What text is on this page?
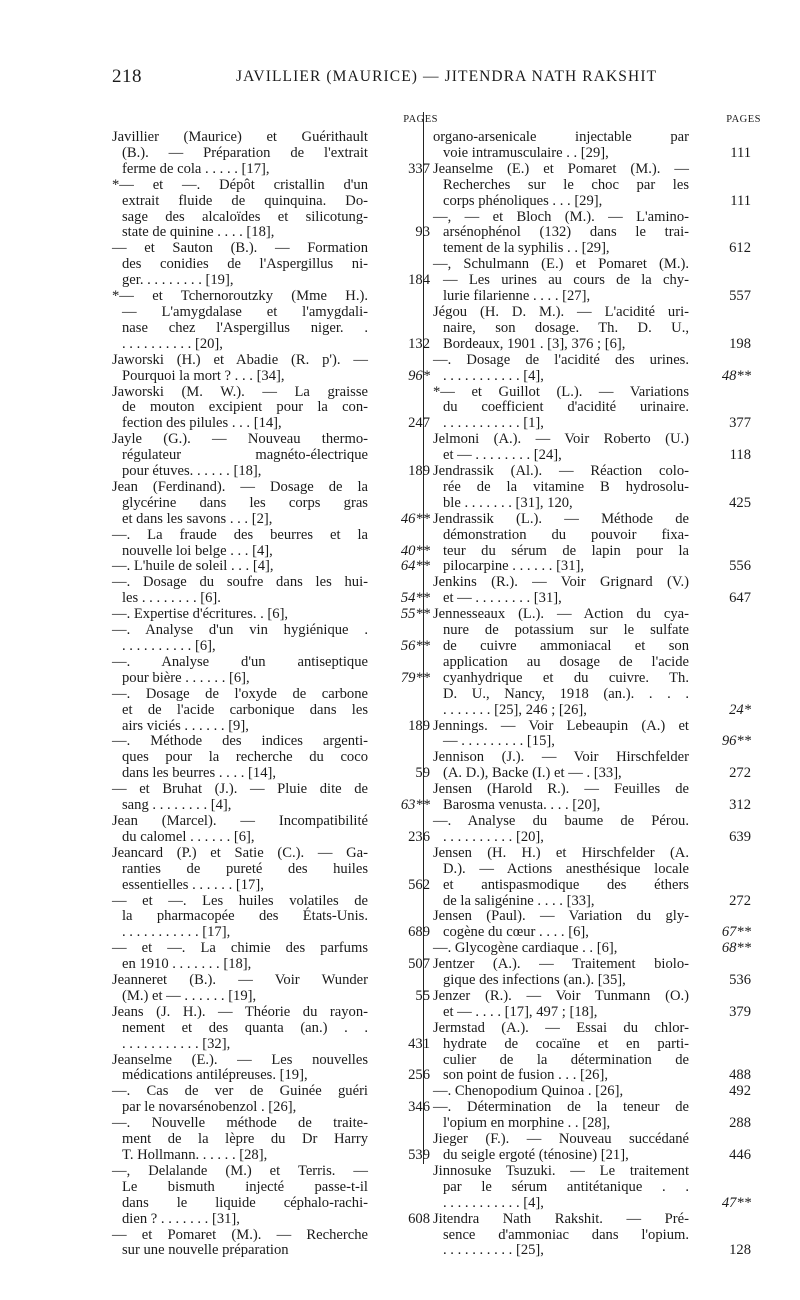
218	JAVILLIER (MAURICE) — JITENDRA NATH RAKSHIT
PAGES
Javillier (Maurice) et Guérithault
(B.). — Préparation de l'extrait
ferme de cola . . . . . [17],	337
*— et —. Dépôt cristallin d'un
extrait fluide de quinquina. Do-
sage des alcaloïdes et silicotung-
state de quinine . . . . [18],	93
— et Sauton (B.). — Formation
des conidies de l'Aspergillus ni-
ger. . . . . . . . . [19],	184
*— et Tchernoroutzky (Mme H.).
— L'amygdalase et l'amygdali-
nase chez l'Aspergillus niger. .
. . . . . . . . . . [20],	132
Jaworski (H.) et Abadie (R. p'). —
Pourquoi la mort ? . . . [34],	96*
Jaworski (M. W.). — La graisse
de mouton excipient pour la con-
fection des pilules . . . [14],	247
Jayle (G.). — Nouveau thermo-
régulateur magnéto-électrique
pour étuves. . . . . . [18],	189
Jean (Ferdinand). — Dosage de la
glycérine dans les corps gras
et dans les savons . . . [2],	46**
—. La fraude des beurres et la
nouvelle loi belge . . . [4],	40**
—. L'huile de soleil . . . [4],	64**
—. Dosage du soufre dans les hui-
les . . . . . . . . [6].	54**
—. Expertise d'écritures. . [6],	55**
—. Analyse d'un vin hygiénique .
. . . . . . . . . . [6],	56**
—. Analyse d'un antiseptique
pour bière . . . . . . [6],	79**
—. Dosage de l'oxyde de carbone
et de l'acide carbonique dans les
airs viciés . . . . . . [9],	189
—. Méthode des indices argenti-
ques pour la recherche du coco
dans les beurres . . . . [14],	59
— et Bruhat (J.). — Pluie dite de
sang . . . . . . . . [4],	63**
Jean (Marcel). — Incompatibilité
du calomel . . . . . . [6],	236
Jeancard (P.) et Satie (C.). — Ga-
ranties de pureté des huiles
essentielles . . . . . . [17],	562
— et —. Les huiles volatiles de
la pharmacopée des États-Unis.
. . . . . . . . . . . [17],	689
— et —. La chimie des parfums
en 1910 . . . . . . . [18],	507
Jeanneret (B.). — Voir Wunder
(M.) et — . . . . . . [19],	55
Jeans (J. H.). — Théorie du rayon-
nement et des quanta (an.) . .
. . . . . . . . . . . [32],	431
Jeanselme (E.). — Les nouvelles
médications antilépreuses. [19],	256
—. Cas de ver de Guinée guéri
par le novarsénobenzol . [26],	346
—. Nouvelle méthode de traite-
ment de la lèpre du Dr Harry
T. Hollmann. . . . . . [28],	539
—, Delalande (M.) et Terris. —
Le bismuth injecté passe-t-il
dans le liquide céphalo-rachi-
dien ? . . . . . . . [31],	608
— et Pomaret (M.). — Recherche
sur une nouvelle préparation
PAGES
organo-arsenicale injectable par
voie intramusculaire . . [29],	111
Jeanselme (E.) et Pomaret (M.). —
Recherches sur le choc par les
corps phénoliques . . . [29],	111
—, — et Bloch (M.). — L'amino-
arsénophénol (132) dans le trai-
tement de la syphilis . . [29],	612
—, Schulmann (E.) et Pomaret (M.).
— Les urines au cours de la chy-
lurie filarienne . . . . [27],	557
Jégou (H. D. M.). — L'acidité uri-
naire, son dosage. Th. D. U.,
Bordeaux, 1901 . [3], 376 ; [6],	198
—. Dosage de l'acidité des urines.
. . . . . . . . . . . [4],	48**
*— et Guillot (L.). — Variations
du coefficient d'acidité urinaire.
. . . . . . . . . . . [1],	377
Jelmoni (A.). — Voir Roberto (U.)
et — . . . . . . . . [24],	118
Jendrassik (Al.). — Réaction colo-
rée de la vitamine B hydrosolu-
ble . . . . . . . [31], 120,	425
Jendrassik (L.). — Méthode de
démonstration du pouvoir fixa-
teur du sérum de lapin pour la
pilocarpine . . . . . . [31],	556
Jenkins (R.). — Voir Grignard (V.)
et — . . . . . . . . [31],	647
Jennesseaux (L.). — Action du cya-
nure de potassium sur le sulfate
de cuivre ammoniacal et son
application au dosage de l'acide
cyanhydrique et du cuivre. Th.
D. U., Nancy, 1918 (an.). . . .
. . . . . . . [25], 246 ; [26],	24*
Jennings. — Voir Lebeaupin (A.) et
— . . . . . . . . . [15],	96**
Jennison (J.). — Voir Hirschfelder
(A. D.), Backe (I.) et — . [33],	272
Jensen (Harold R.). — Feuilles de
Barosma venusta. . . . [20],	312
—. Analyse du baume de Pérou.
. . . . . . . . . . [20],	639
Jensen (H. H.) et Hirschfelder (A.
D.). — Actions anesthésique locale
et antispasmodique des éthers
de la saligénine . . . . [33],	272
Jensen (Paul). — Variation du gly-
cogène du cœur . . . . [6],	67**
—. Glycogène cardiaque . . [6],	68**
Jentzer (A.). — Traitement biolo-
gique des infections (an.). [35],	536
Jenzer (R.). — Voir Tunmann (O.)
et — . . . . [17], 497 ; [18],	379
Jermstad (A.). — Essai du chlor-
hydrate de cocaïne et en parti-
culier de la détermination de
son point de fusion . . . [26],	488
—. Chenopodium Quinoa . [26],	492
—. Détermination de la teneur de
l'opium en morphine . . [28],	288
Jieger (F.). — Nouveau succédané
du seigle ergoté (ténosine) [21],	446
Jinnosuke Tsuzuki. — Le traitement
par le sérum antitétanique . .
. . . . . . . . . . . [4],	47**
Jitendra Nath Rakshit. — Pré-
sence d'ammoniac dans l'opium.
. . . . . . . . . . [25],	128
